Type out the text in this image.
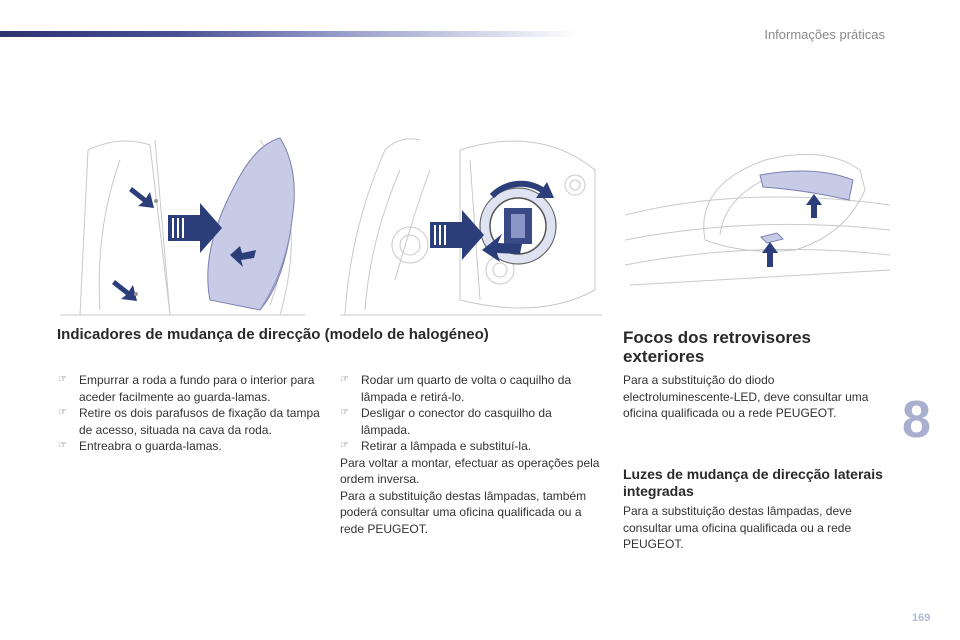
Informações práticas
Indicadores de mudança de direcção (modelo de halogéneo)
☞ Empurrar a roda a fundo para o interior para aceder facilmente ao guarda-lamas.
☞ Retire os dois parafusos de fixação da tampa de acesso, situada na cava da roda.
☞ Entreabra o guarda-lamas.
☞ Rodar um quarto de volta o caquilho da lâmpada e retirá-lo.
☞ Desligar o conector do casquilho da lâmpada.
☞ Retirar a lâmpada e substituí-la.
Para voltar a montar, efectuar as operações pela ordem inversa.
Para a substituição destas lâmpadas, também poderá consultar uma oficina qualificada ou a rede PEUGEOT.
Focos dos retrovisores exteriores
Para a substituição do diodo electroluminescente-LED, deve consultar uma oficina qualificada ou a rede PEUGEOT.
Luzes de mudança de direcção laterais integradas
Para a substituição destas lâmpadas, deve consultar uma oficina qualificada ou a rede PEUGEOT.
8
169
